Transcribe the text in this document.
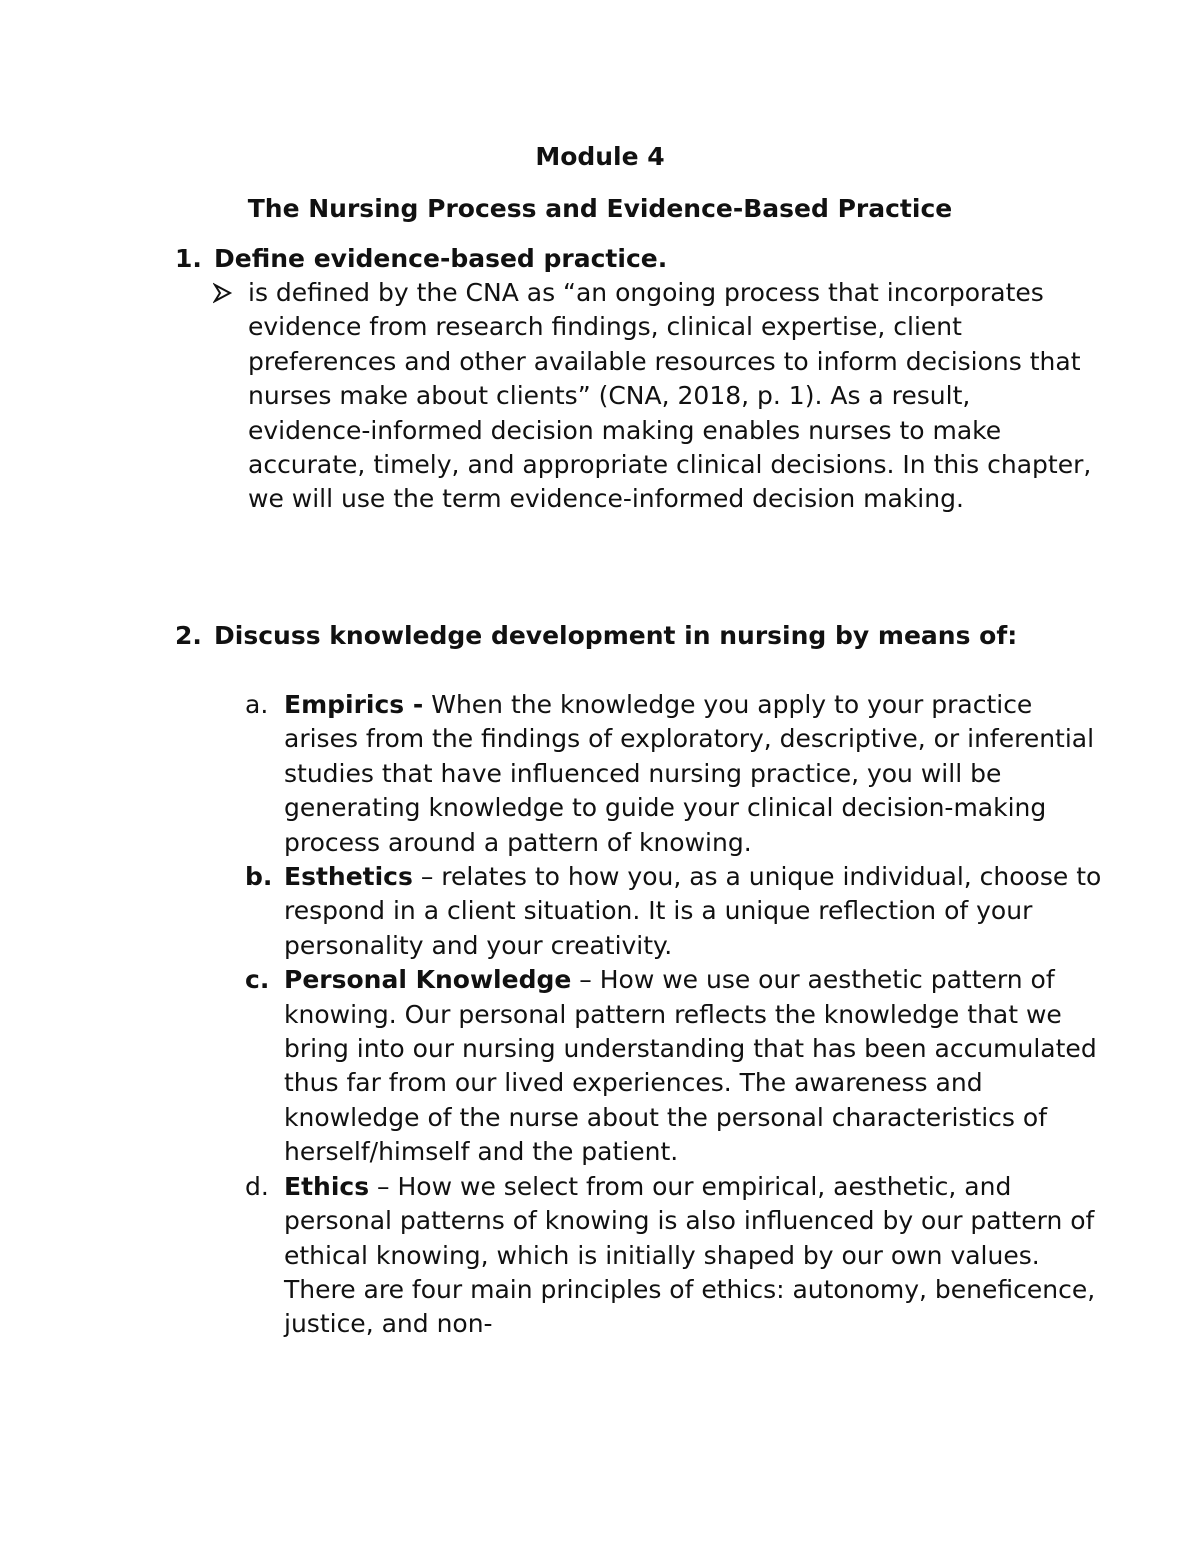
Module 4
The Nursing Process and Evidence-Based Practice
1. Define evidence-based practice.
is defined by the CNA as “an ongoing process that incorporates evidence from research findings, clinical expertise, client preferences and other available resources to inform decisions that nurses make about clients” (CNA, 2018, p. 1). As a result, evidence-informed decision making enables nurses to make accurate, timely, and appropriate clinical decisions. In this chapter, we will use the term evidence-informed decision making.
2. Discuss knowledge development in nursing by means of:
a. Empirics - When the knowledge you apply to your practice arises from the findings of exploratory, descriptive, or inferential studies that have influenced nursing practice, you will be generating knowledge to guide your clinical decision-making process around a pattern of knowing.
b. Esthetics – relates to how you, as a unique individual, choose to respond in a client situation. It is a unique reflection of your personality and your creativity.
c. Personal Knowledge – How we use our aesthetic pattern of knowing. Our personal pattern reflects the knowledge that we bring into our nursing understanding that has been accumulated thus far from our lived experiences. The awareness and knowledge of the nurse about the personal characteristics of herself/himself and the patient.
d. Ethics – How we select from our empirical, aesthetic, and personal patterns of knowing is also influenced by our pattern of ethical knowing, which is initially shaped by our own values. There are four main principles of ethics: autonomy, beneficence, justice, and non-
